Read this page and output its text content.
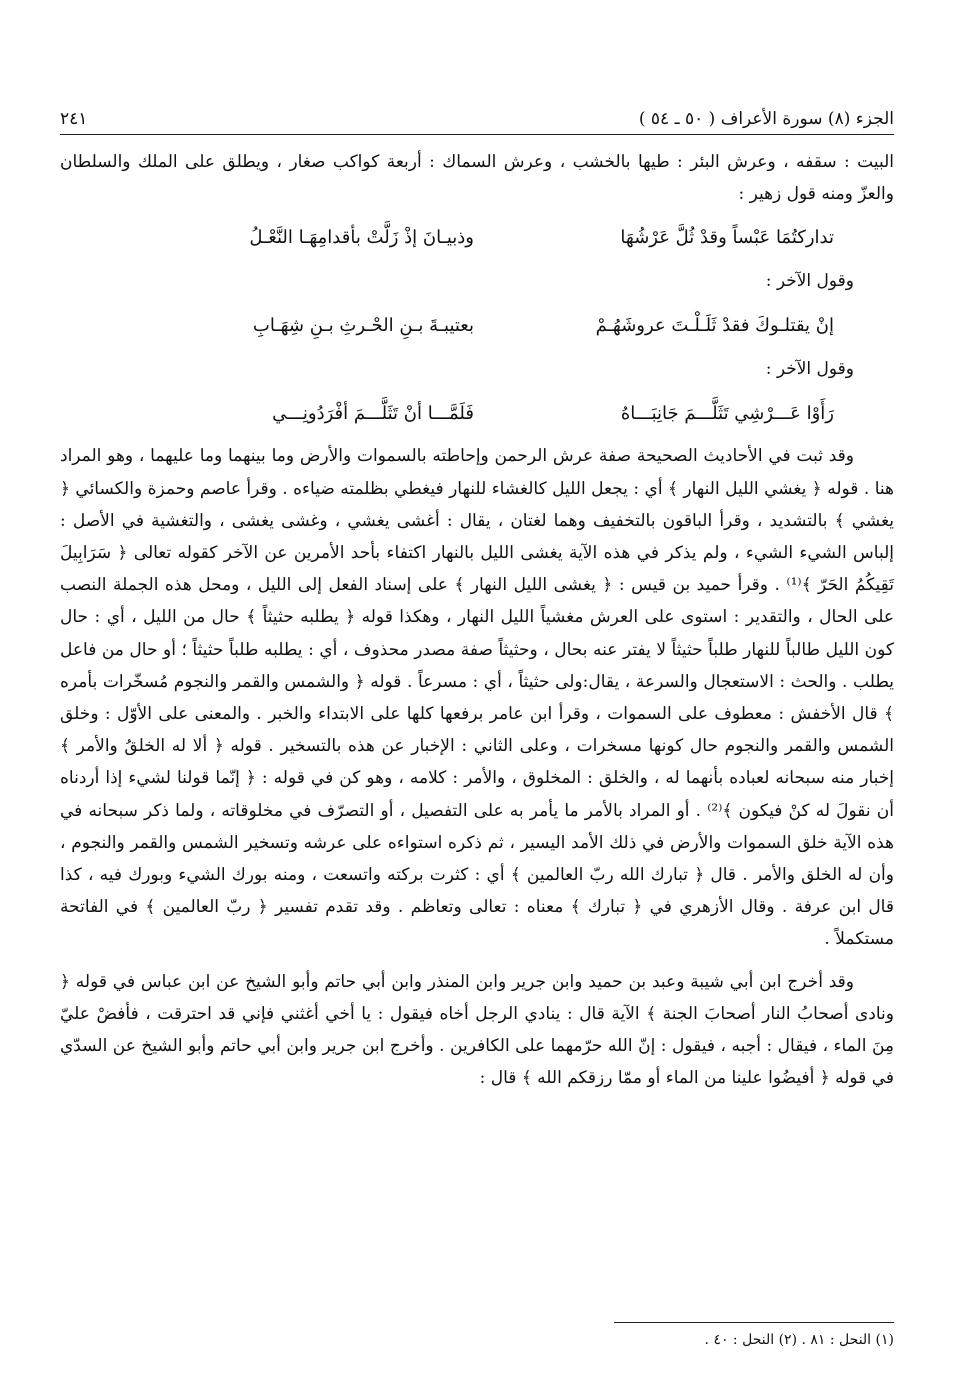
الجزء (٨) سورة الأعراف ( ٥٠ ـ ٥٤ )
٢٤١

البيت : سقفه ، وعرش البئر : طيها بالخشب ، وعرش السماك : أربعة كواكب صغار ، ويطلق على الملك والسلطان والعزّ ومنه قول زهير :

تداركتُمَا عَبْساً وقدْ ثُلَّ عَرْشُهَا
وذبيـانَ إذْ زَلَّتْ بأقدامِهَـا النَّعْـلُ
وقول الآخر :
إنْ يقتلـوكَ فقدْ ثَلَـلْـتَ عروشَهُـمْ
بعتيبـةَ بـنِ الحْـرثِ بـنِ شِهَـابِ
وقول الآخر :
رَأَوْا عَـــرْشِي تَثَلَّـــمَ جَانِبَـــاهُ
فَلَمَّـــا أنْ تَثَلَّـــمَ أفْرَدُونِـــي

وقد ثبت في الأحاديث الصحيحة صفة عرش الرحمن وإحاطته بالسموات والأرض وما بينهما وما عليهما ، وهو المراد هنا . قوله ﴿ يغشي الليل النهار ﴾ أي : يجعل الليل كالغشاء للنهار فيغطي بظلمته ضياءه . وقرأ عاصم وحمزة والكسائي ﴿ يغشي ﴾ بالتشديد ، وقرأ الباقون بالتخفيف وهما لغتان ، يقال : أغشى يغشي ، وغشى يغشى ، والتغشية في الأصل : إلباس الشيء الشيء ، ولم يذكر في هذه الآية يغشى الليل بالنهار اكتفاء بأحد الأمرين عن الآخر كقوله تعالى ﴿ سَرَابِيلَ تَقِيكُمُ الحَرّ ﴾⁽¹⁾ . وقرأ حميد بن قيس : ﴿ يغشى الليل النهار ﴾ على إسناد الفعل إلى الليل ، ومحل هذه الجملة النصب على الحال ، والتقدير : استوى على العرش مغشياً الليل النهار ، وهكذا قوله ﴿ يطلبه حثيثاً ﴾ حال من الليل ، أي : حال كون الليل طالباً للنهار طلباً حثيثاً لا يفتر عنه بحال ، وحثيثاً صفة مصدر محذوف ، أي : يطلبه طلباً حثيثاً ؛ أو حال من فاعل يطلب . والحث : الاستعجال والسرعة ، يقال:ولى حثيثاً ، أي : مسرعاً . قوله ﴿ والشمس والقمر والنجوم مُسخّرات بأمره ﴾ قال الأخفش : معطوف على السموات ، وقرأ ابن عامر برفعها كلها على الابتداء والخبر . والمعنى على الأوّل : وخلق الشمس والقمر والنجوم حال كونها مسخرات ، وعلى الثاني : الإخبار عن هذه بالتسخير . قوله ﴿ ألا له الخلقُ والأمر ﴾ إخبار منه سبحانه لعباده بأنهما له ، والخلق : المخلوق ، والأمر : كلامه ، وهو كن في قوله : ﴿ إنّما قولنا لشيء إذا أردناه أن نقولَ له كنْ فيكون ﴾⁽²⁾ . أو المراد بالأمر ما يأمر به على التفصيل ، أو التصرّف في مخلوقاته ، ولما ذكر سبحانه في هذه الآية خلق السموات والأرض في ذلك الأمد اليسير ، ثم ذكره استواءه على عرشه وتسخير الشمس والقمر والنجوم ، وأن له الخلق والأمر . قال ﴿ تبارك الله ربّ العالمين ﴾ أي : كثرت بركته واتسعت ، ومنه بورك الشيء وبورك فيه ، كذا قال ابن عرفة . وقال الأزهري في ﴿ تبارك ﴾ معناه : تعالى وتعاظم . وقد تقدم تفسير ﴿ ربّ العالمين ﴾ في الفاتحة مستكملاً .

وقد أخرج ابن أبي شيبة وعبد بن حميد وابن جرير وابن المنذر وابن أبي حاتم وأبو الشيخ عن ابن عباس في قوله ﴿ ونادى أصحابُ النار أصحابَ الجنة ﴾ الآية قال : ينادي الرجل أخاه فيقول : يا أخي أغثني فإني قد احترقت ، فأفضْ عليّ مِنَ الماء ، فيقال : أجبه ، فيقول : إنّ الله حرّمهما على الكافرين . وأخرج ابن جرير وابن أبي حاتم وأبو الشيخ عن السدّي في قوله ﴿ أفيضُوا علينا من الماء أو ممّا رزقكم الله ﴾ قال :

(١) النحل : ٨١ . (٢) النحل : ٤٠ .
